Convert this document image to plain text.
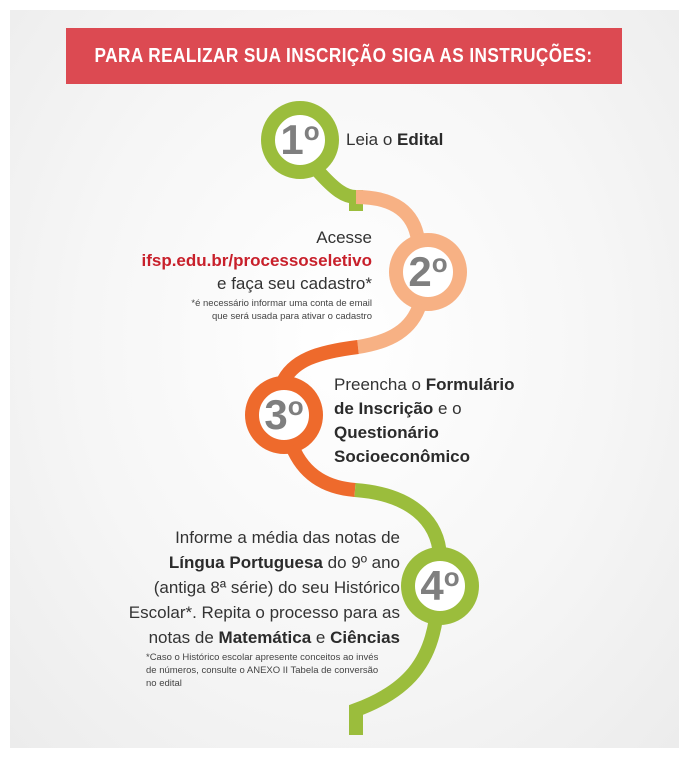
PARA REALIZAR SUA INSCRIÇÃO SIGA AS INSTRUÇÕES:
1$^o$
2$^o$
3$^o$
4$^o$
Leia o Edital
Acesse
ifsp.edu.br/processoseletivo
e faça seu cadastro*
*é necessário informar uma conta de email
que será usada para ativar o cadastro
Preencha o Formulário
de Inscrição e o
Questionário
Socioeconômico
Informe a média das notas de
Língua Portuguesa do 9º ano
(antiga 8ª série) do seu Histórico
Escolar*. Repita o processo para as
notas de Matemática e Ciências
*Caso o Histórico escolar apresente conceitos ao invés
de números, consulte o ANEXO II Tabela de conversão
no edital
